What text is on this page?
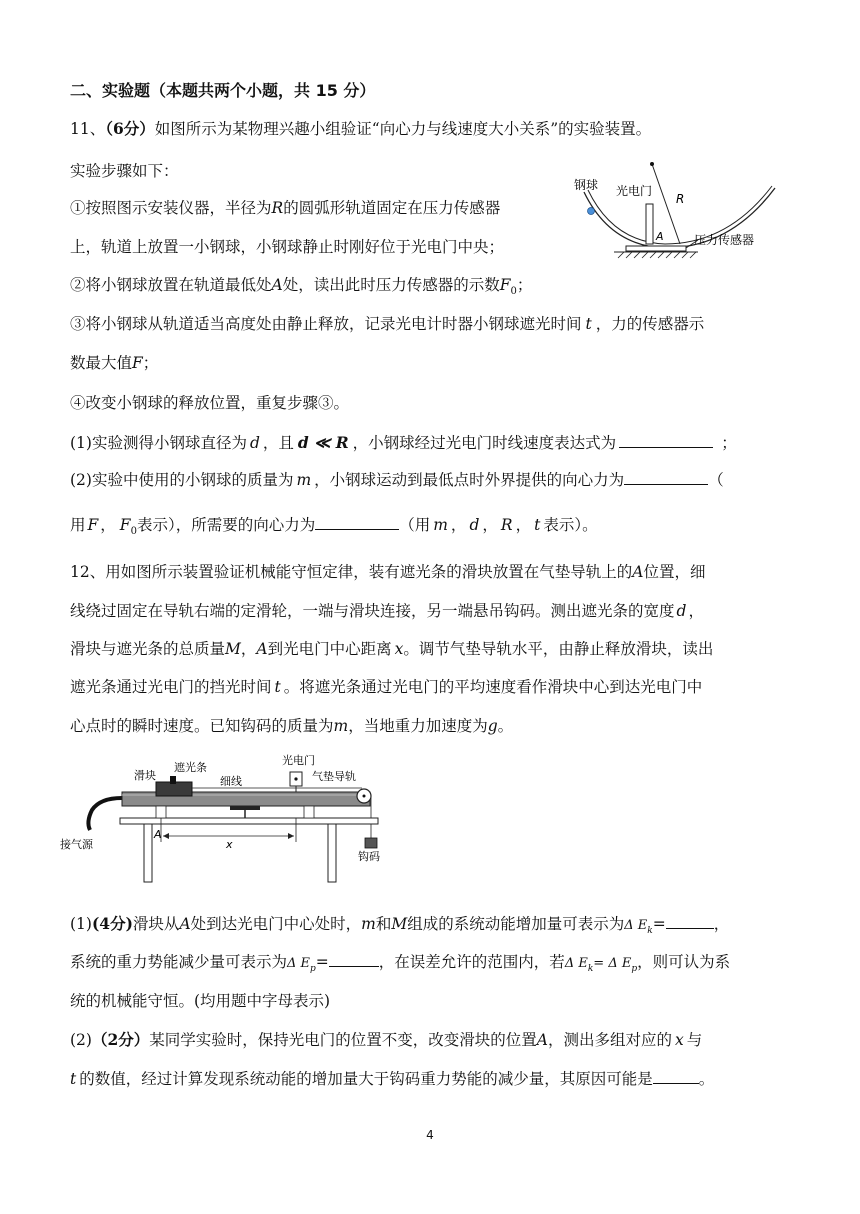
二、实验题（本题共两个小题，共 15 分）
11、（6分）如图所示为某物理兴趣小组验证“向心力与线速度大小关系”的实验装置。
实验步骤如下：
①按照图示安装仪器，半径为R的圆弧形轨道固定在压力传感器
上，轨道上放置一小钢球，小钢球静止时刚好位于光电门中央；
②将小钢球放置在轨道最低处A处，读出此时压力传感器的示数$F_0$；
③将小钢球从轨道适当高度处由静止释放，记录光电计时器小钢球遮光时间 t ，力的传感器示
数最大值F；
④改变小钢球的释放位置，重复步骤③。
(1)实验测得小钢球直径为 d ，且 d ≪ R ，小钢球经过光电门时线速度表达式为	；
(2)实验中使用的小钢球的质量为 m ，小钢球运动到最低点时外界提供的向心力为	（
用 F ， $F_0$表示），所需要的向心力为	（用 m ， d ， R ， t 表示）。
R
钢球 光电门
A	压力传感器
12、用如图所示装置验证机械能守恒定律，装有遮光条的滑块放置在气垫导轨上的A位置，细
线绕过固定在导轨右端的定滑轮，一端与滑块连接，另一端悬吊钩码。测出遮光条的宽度 d ，
滑块与遮光条的总质量M，A到光电门中心距离 x。调节气垫导轨水平，由静止释放滑块，读出
遮光条通过光电门的挡光时间 t 。将遮光条通过光电门的平均速度看作滑块中心到达光电门中
心点时的瞬时速度。已知钩码的质量为m，当地重力加速度为g。
接气源
滑块
遮光条
细线
光电门
气垫导轨
钩码
A
x
(1)(4分)滑块从A处到达光电门中心处时，m和M组成的系统动能增加量可表示为Δ $E_k=$	，
系统的重力势能减少量可表示为Δ $E_p=$	，在误差允许的范围内，若Δ $E_k= \Delta$ $E_p$，则可认为系
统的机械能守恒。(均用题中字母表示)
(2)（2分）某同学实验时，保持光电门的位置不变，改变滑块的位置A，测出多组对应的 x 与
t 的数值，经过计算发现系统动能的增加量大于钩码重力势能的减少量，其原因可能是	。
4
